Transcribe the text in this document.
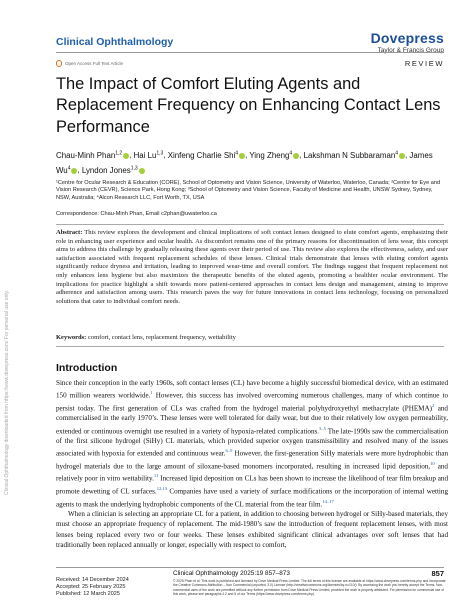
Clinical Ophthalmology	Dovepress
Taylor & Francis Group
Open Access Full Text Article	REVIEW
The Impact of Comfort Eluting Agents and Replacement Frequency on Enhancing Contact Lens Performance
Chau-Minh Phan$^{1,2}$ , Hai Lu$^{1,3}$, Xinfeng Charlie Shi$^4$ , Ying Zheng$^4$ , Lakshman N Subbaraman$^4$ , James Wu$^4$ , Lyndon Jones$^{1,3}$
¹Centre for Ocular Research & Education (CORE), School of Optometry and Vision Science, University of Waterloo, Waterloo, Canada; ²Centre for Eye and Vision Research (CEVR), Science Park, Hong Kong; ³School of Optometry and Vision Science, Faculty of Medicine and Health, UNSW Sydney, Sydney, NSW, Australia; ⁴Alcon Research LLC, Fort Worth, TX, USA
Correspondence: Chau-Minh Phan, Email c2phan@uwaterloo.ca
Abstract: This review explores the development and clinical implications of soft contact lenses designed to elute comfort agents, emphasizing their role in enhancing user experience and ocular health. As discomfort remains one of the primary reasons for discontinuation of lens wear, this concept aims to address this challenge by gradually releasing these agents over their period of use. This review also explores the effectiveness, safety, and user satisfaction associated with frequent replacement schedules of these lenses. Clinical trials demonstrate that lenses with eluting comfort agents significantly reduce dryness and irritation, leading to improved wear-time and overall comfort. The findings suggest that frequent replacement not only enhances lens hygiene but also maximizes the therapeutic benefits of the eluted agents, promoting a healthier ocular environment. The implications for practice highlight a shift towards more patient-centered approaches in contact lens design and management, aiming to improve adherence and satisfaction among users. This research paves the way for future innovations in contact lens technology, focusing on personalized solutions that cater to individual comfort needs.
Keywords: comfort, contact lens, replacement frequency, wettability
Clinical Ophthalmology downloaded from https://www.dovepress.com/ For personal use only.	Introduction

Since their conception in the early 1960s, soft contact lenses (CL) have become a highly successful biomedical device, with an estimated 150 million wearers worldwide.$^1$ However, this success has involved overcoming numerous challenges, many of which continue to persist today. The first generation of CLs was crafted from the hydrogel material polyhydroxyethyl methacrylate (PHEMA)$^2$ and commercialised in the early 1970’s. These lenses were well tolerated for daily wear, but due to their relatively low oxygen permeability, extended or continuous overnight use resulted in a variety of hypoxia-related complications.$^{3-5}$ The late-1990s saw the commercialisation of the first silicone hydrogel (SiHy) CL materials, which provided superior oxygen transmissibility and resolved many of the issues associated with hypoxia for extended and continuous wear.$^{6-9}$ However, the first-generation SiHy materials were more hydrophobic than hydrogel materials due to the large amount of siloxane-based monomers incorporated, resulting in increased lipid deposition,$^{10}$ and relatively poor in vitro wettability.$^{11}$ Increased lipid deposition on CLs has been shown to increase the likelihood of tear film breakup and promote dewetting of CL surfaces.$^{12,13}$ Companies have used a variety of surface modifications or the incorporation of internal wetting agents to mask the underlying hydrophobic components of the CL material from the tear film.$^{14-17}$

When a clinician is selecting an appropriate CL for a patient, in addition to choosing between hydrogel or SiHy-based materials, they must choose an appropriate frequency of replacement. The mid-1980’s saw the introduction of frequent replacement lenses, with most lenses being replaced every two or four weeks. These lenses exhibited significant clinical advantages over soft lenses that had traditionally been replaced annually or longer, especially with respect to comfort,

Received: 14 December 2024
Accepted: 25 February 2025
Published: 12 March 2025
Clinical Ophthalmology 2025:19 857–873	857
© 2025 Phan et al. This work is published and licensed by Dove Medical Press Limited. The full terms of this license are available at https://www.dovepress.com/terms.php and incorporate the Creative Commons Attribution – Non Commercial (unported, 3.0) License (http://creativecommons.org/licenses/by-nc/3.0/). By accessing the work you hereby accept the Terms. Non-commercial uses of the work are permitted without any further permission from Dove Medical Press Limited, provided the work is properly attributed. For permission for commercial use of this work, please see paragraphs 4.2 and 5 of our Terms (https://www.dovepress.com/terms.php).
